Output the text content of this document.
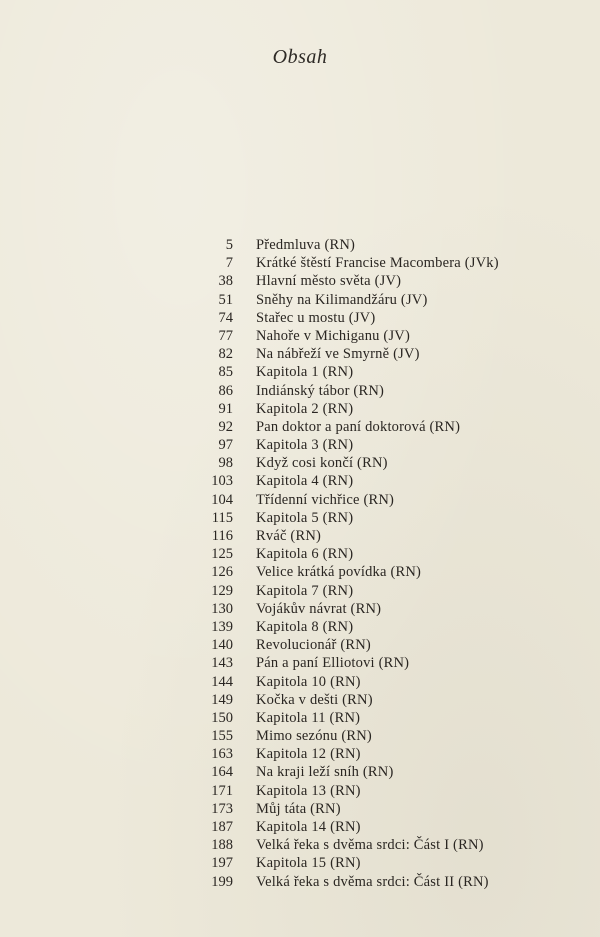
Obsah
5 Předmluva (RN)
7 Krátké štěstí Francise Macombera (JVk)
38 Hlavní město světa (JV)
51 Sněhy na Kilimandžáru (JV)
74 Stařec u mostu (JV)
77 Nahoře v Michiganu (JV)
82 Na nábřeží ve Smyrně (JV)
85 Kapitola 1 (RN)
86 Indiánský tábor (RN)
91 Kapitola 2 (RN)
92 Pan doktor a paní doktorová (RN)
97 Kapitola 3 (RN)
98 Když cosi končí (RN)
103 Kapitola 4 (RN)
104 Třídenní vichřice (RN)
115 Kapitola 5 (RN)
116 Rváč (RN)
125 Kapitola 6 (RN)
126 Velice krátká povídka (RN)
129 Kapitola 7 (RN)
130 Vojákův návrat (RN)
139 Kapitola 8 (RN)
140 Revolucionář (RN)
143 Pán a paní Elliotovi (RN)
144 Kapitola 10 (RN)
149 Kočka v dešti (RN)
150 Kapitola 11 (RN)
155 Mimo sezónu (RN)
163 Kapitola 12 (RN)
164 Na kraji leží sníh (RN)
171 Kapitola 13 (RN)
173 Můj táta (RN)
187 Kapitola 14 (RN)
188 Velká řeka s dvěma srdci: Část I (RN)
197 Kapitola 15 (RN)
199 Velká řeka s dvěma srdci: Část II (RN)
